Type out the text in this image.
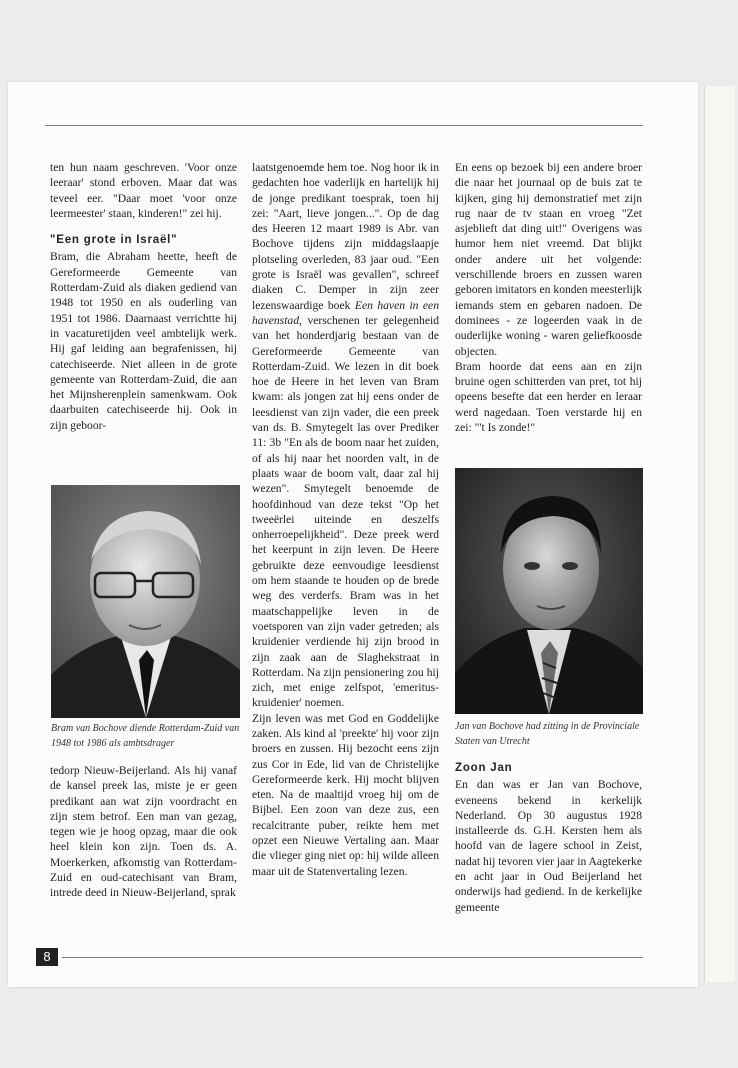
ten hun naam geschreven. 'Voor onze leeraar' stond erboven. Maar dat was teveel eer. "Daar moet 'voor onze leermeester' staan, kinderen!" zei hij.

"Een grote in Israël"

Bram, die Abraham heette, heeft de Gereformeerde Gemeente van Rotterdam-Zuid als diaken gediend van 1948 tot 1950 en als ouderling van 1951 tot 1986. Daarnaast verrichtte hij in vacaturetijden veel ambtelijk werk. Hij gaf leiding aan begrafenissen, hij catechiseerde. Niet alleen in de grote gemeente van Rotterdam-Zuid, die aan het Mijnsherenplein samenkwam. Ook daarbuiten catechiseerde hij. Ook in zijn geboor-

Bram van Bochove diende Rotterdam-Zuid van 1948 tot 1986 als ambtsdrager

tedorp Nieuw-Beijerland. Als hij vanaf de kansel preek las, miste je er geen predikant aan wat zijn voordracht en zijn stem betrof. Een man van gezag, tegen wie je hoog opzag, maar die ook heel klein kon zijn. Toen ds. A. Moerkerken, afkomstig van Rotterdam-Zuid en oud-catechisant van Bram, intrede deed in Nieuw-Beijerland, sprak

laatstgenoemde hem toe. Nog hoor ik in gedachten hoe vaderlijk en hartelijk hij de jonge predikant toesprak, toen hij zei: "Aart, lieve jongen...". Op de dag des Heeren 12 maart 1989 is Abr. van Bochove tijdens zijn middagslaapje plotseling overleden, 83 jaar oud. "Een grote is Israël was gevallen", schreef diaken C. Demper in zijn zeer lezenswaardige boek Een haven in een havenstad, verschenen ter gelegenheid van het honderdjarig bestaan van de Gereformeerde Gemeente van Rotterdam-Zuid. We lezen in dit boek hoe de Heere in het leven van Bram kwam: als jongen zat hij eens onder de leesdienst van zijn vader, die een preek van ds. B. Smytegelt las over Prediker 11: 3b "En als de boom naar het zuiden, of als hij naar het noorden valt, in de plaats waar de boom valt, daar zal hij wezen". Smytegelt benoemde de hoofdinhoud van deze tekst "Op het tweeërlei uiteinde en deszelfs onherroepelijkheid". Deze preek werd het keerpunt in zijn leven. De Heere gebruikte deze eenvoudige leesdienst om hem staande te houden op de brede weg des verderfs. Bram was in het maatschappelijke leven in de voetsporen van zijn vader getreden; als kruidenier verdiende hij zijn brood in zijn zaak aan de Slaghekstraat in Rotterdam. Na zijn pensionering zou hij zich, met enige zelfspot, 'emeritus-kruidenier' noemen.

Zijn leven was met God en Goddelijke zaken. Als kind al 'preekte' hij voor zijn broers en zussen. Hij bezocht eens zijn zus Cor in Ede, lid van de Christelijke Gereformeerde kerk. Hij mocht blijven eten. Na de maaltijd vroeg hij om de Bijbel. Een zoon van deze zus, een recalcitrante puber, reikte hem met opzet een Nieuwe Vertaling aan. Maar die vlieger ging niet op: hij wilde alleen maar uit de Statenvertaling lezen.

En eens op bezoek bij een andere broer die naar het journaal op de buis zat te kijken, ging hij demonstratief met zijn rug naar de tv staan en vroeg "Zet asjeblieft dat ding uit!" Overigens was humor hem niet vreemd. Dat blijkt onder andere uit het volgende: verschillende broers en zussen waren geboren imitators en konden meesterlijk iemands stem en gebaren nadoen. De dominees - ze logeerden vaak in de ouderlijke woning - waren geliefkoosde objecten.

Bram hoorde dat eens aan en zijn bruine ogen schitterden van pret, tot hij opeens besefte dat een herder en leraar werd nagedaan. Toen verstarde hij en zei: "'t Is zonde!"

Jan van Bochove had zitting in de Provinciale Staten van Utrecht

Zoon Jan

En dan was er Jan van Bochove, eveneens bekend in kerkelijk Nederland. Op 30 augustus 1928 installeerde ds. G.H. Kersten hem als hoofd van de lagere school in Zeist, nadat hij tevoren vier jaar in Aagtekerke en acht jaar in Oud Beijerland het onderwijs had gediend. In de kerkelijke gemeente

8
